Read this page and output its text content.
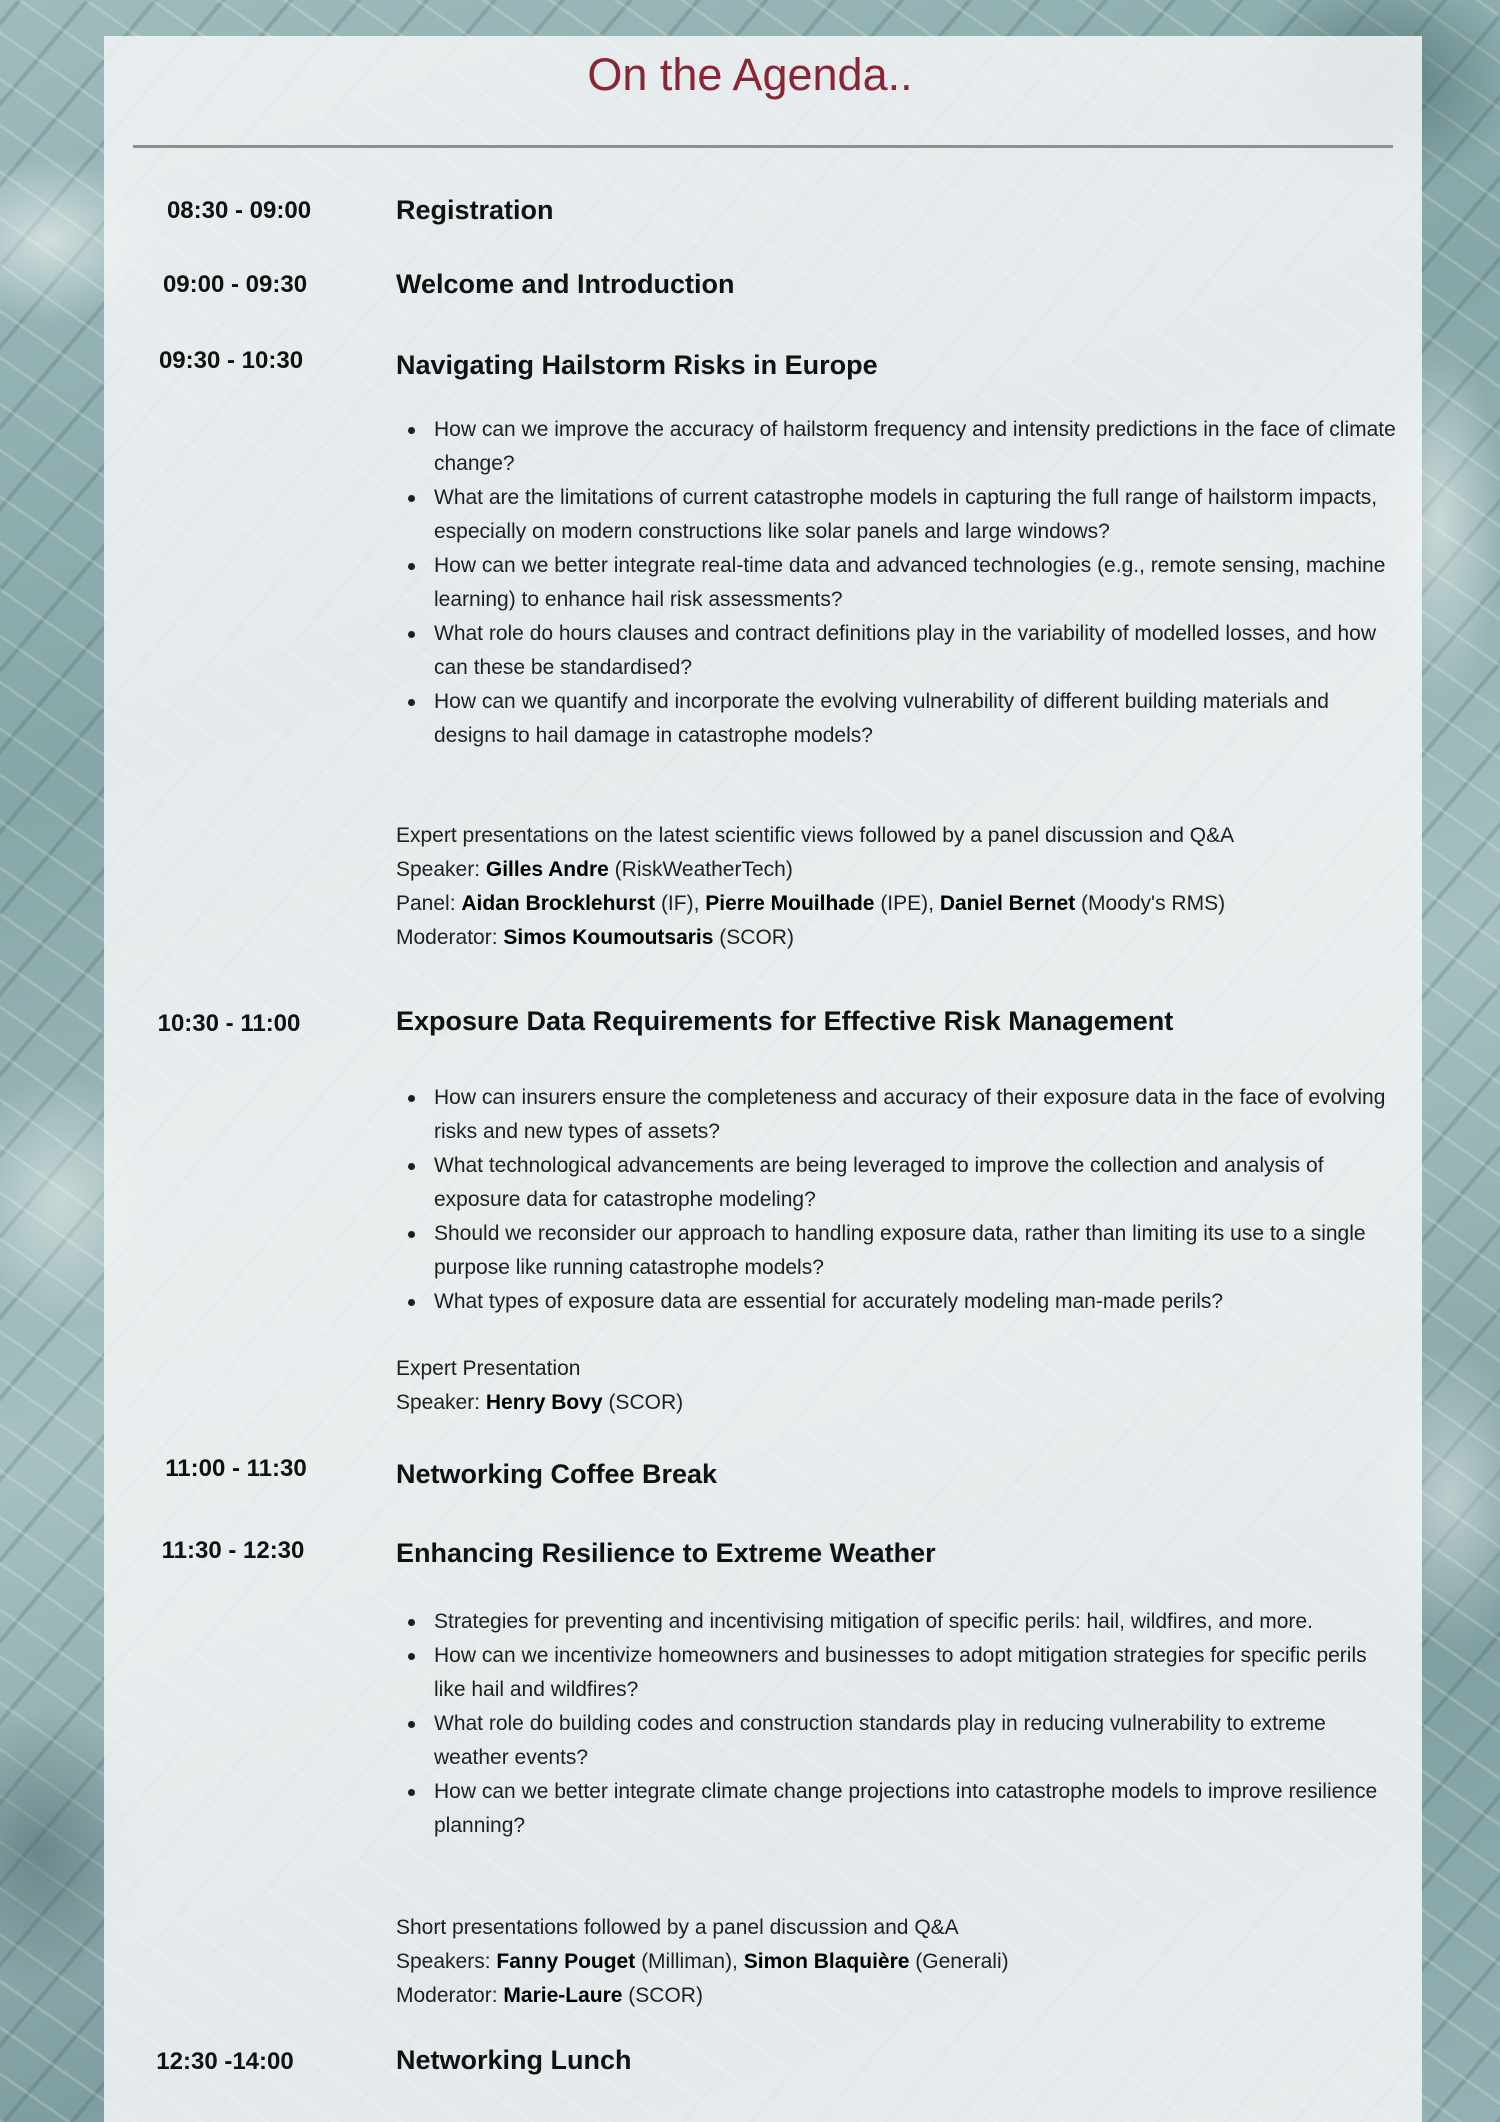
On the Agenda..
08:30 - 09:00	Registration
09:00 - 09:30	Welcome and Introduction
09:30 - 10:30	Navigating Hailstorm Risks in Europe
How can we improve the accuracy of hailstorm frequency and intensity predictions in the face of climate change?
What are the limitations of current catastrophe models in capturing the full range of hailstorm impacts, especially on modern constructions like solar panels and large windows?
How can we better integrate real-time data and advanced technologies (e.g., remote sensing, machine learning) to enhance hail risk assessments?
What role do hours clauses and contract definitions play in the variability of modelled losses, and how can these be standardised?
How can we quantify and incorporate the evolving vulnerability of different building materials and designs to hail damage in catastrophe models?
Expert presentations on the latest scientific views followed by a panel discussion and Q&A
Speaker: Gilles Andre (RiskWeatherTech)
Panel: Aidan Brocklehurst (IF), Pierre Mouilhade (IPE), Daniel Bernet (Moody's RMS)
Moderator: Simos Koumoutsaris (SCOR)
10:30 - 11:00	Exposure Data Requirements for Effective Risk Management
How can insurers ensure the completeness and accuracy of their exposure data in the face of evolving risks and new types of assets?
What technological advancements are being leveraged to improve the collection and analysis of exposure data for catastrophe modeling?
Should we reconsider our approach to handling exposure data, rather than limiting its use to a single purpose like running catastrophe models?
What types of exposure data are essential for accurately modeling man-made perils?
Expert Presentation
Speaker: Henry Bovy (SCOR)
11:00 - 11:30	Networking Coffee Break
11:30 - 12:30	Enhancing Resilience to Extreme Weather
Strategies for preventing and incentivising mitigation of specific perils: hail, wildfires, and more.
How can we incentivize homeowners and businesses to adopt mitigation strategies for specific perils like hail and wildfires?
What role do building codes and construction standards play in reducing vulnerability to extreme weather events?
How can we better integrate climate change projections into catastrophe models to improve resilience planning?
Short presentations followed by a panel discussion and Q&A
Speakers: Fanny Pouget (Milliman), Simon Blaquière (Generali)
Moderator: Marie-Laure (SCOR)
12:30 -14:00	Networking Lunch
